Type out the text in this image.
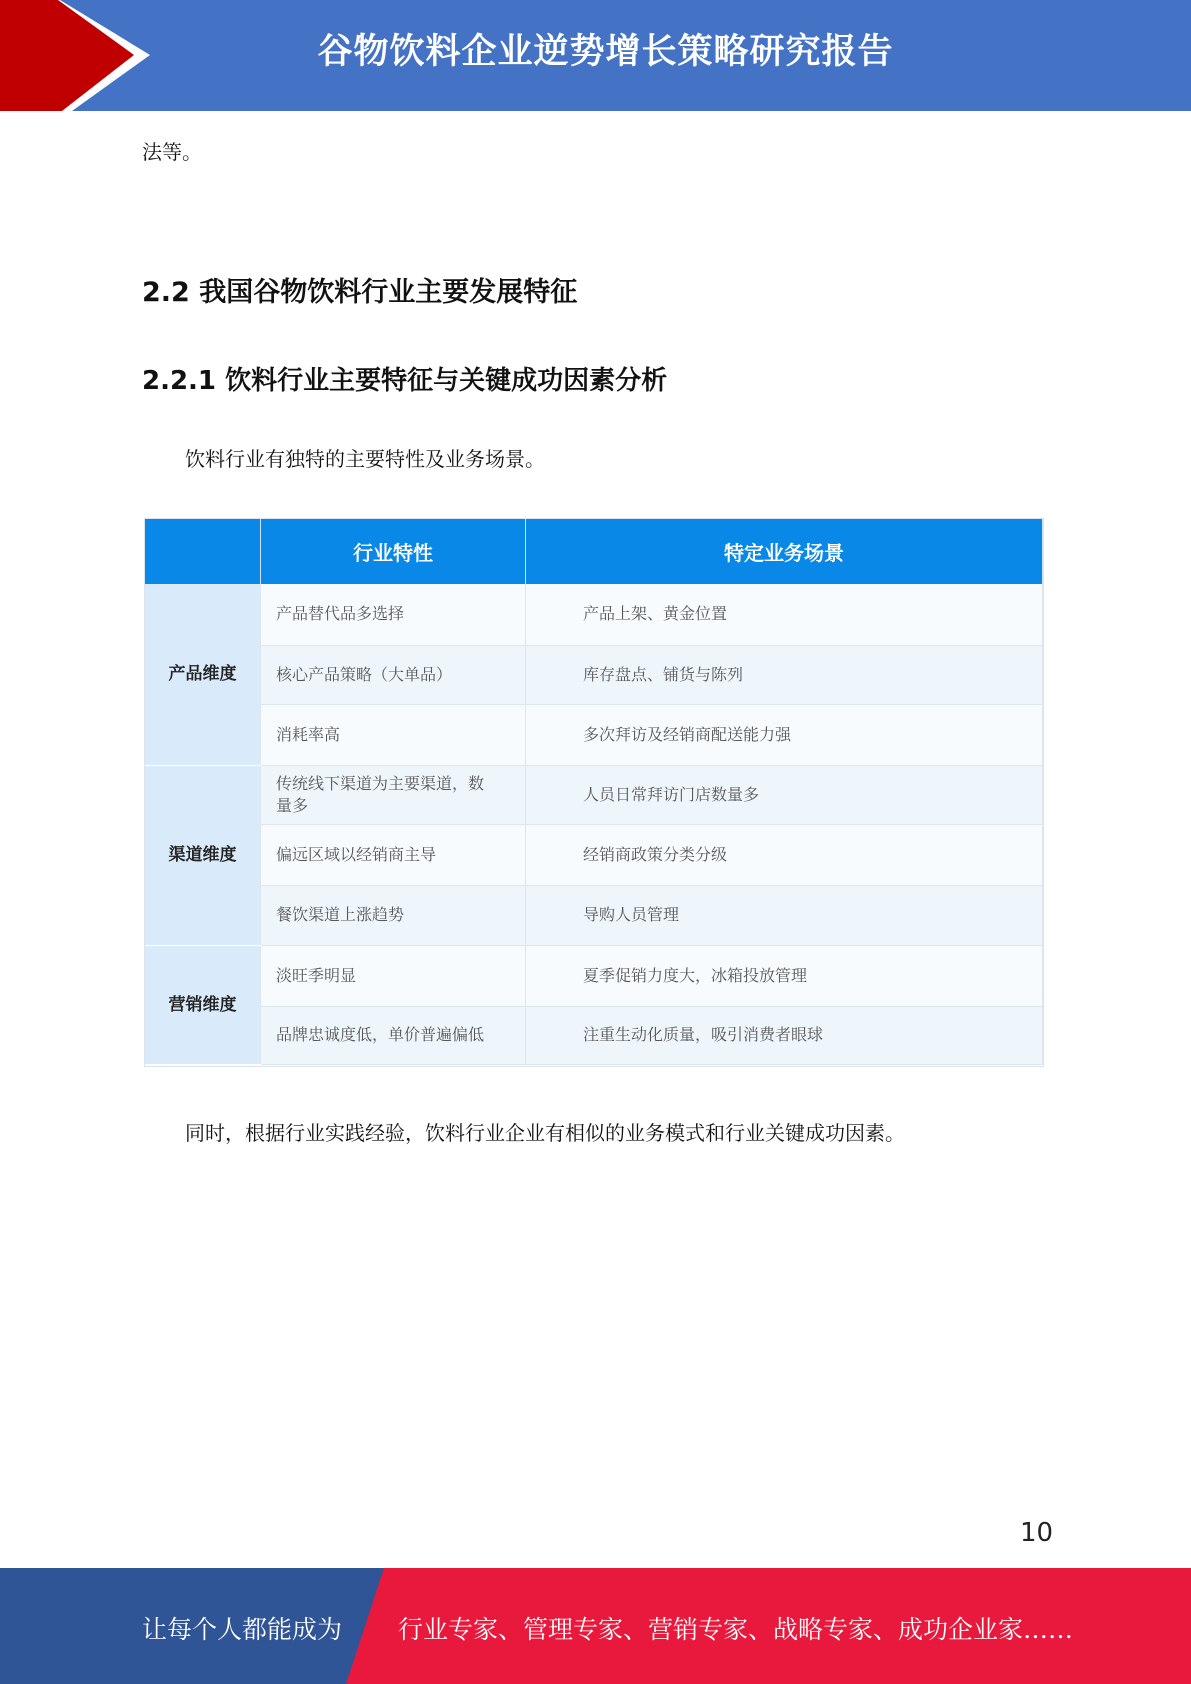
谷物饮料企业逆势增长策略研究报告
法等。
2.2 我国谷物饮料行业主要发展特征
2.2.1 饮料行业主要特征与关键成功因素分析
饮料行业有独特的主要特性及业务场景。
	行业特性	特定业务场景
产品维度	产品替代品多选择	产品上架、黄金位置
	核心产品策略（大单品）	库存盘点、铺货与陈列
	消耗率高	多次拜访及经销商配送能力强
渠道维度	传统线下渠道为主要渠道，数量多	人员日常拜访门店数量多
	偏远区域以经销商主导	经销商政策分类分级
	餐饮渠道上涨趋势	导购人员管理
营销维度	淡旺季明显	夏季促销力度大，冰箱投放管理
	品牌忠诚度低，单价普遍偏低	注重生动化质量，吸引消费者眼球
同时，根据行业实践经验，饮料行业企业有相似的业务模式和行业关键成功因素。
10
让每个人都能成为 行业专家、管理专家、营销专家、战略专家、成功企业家……
